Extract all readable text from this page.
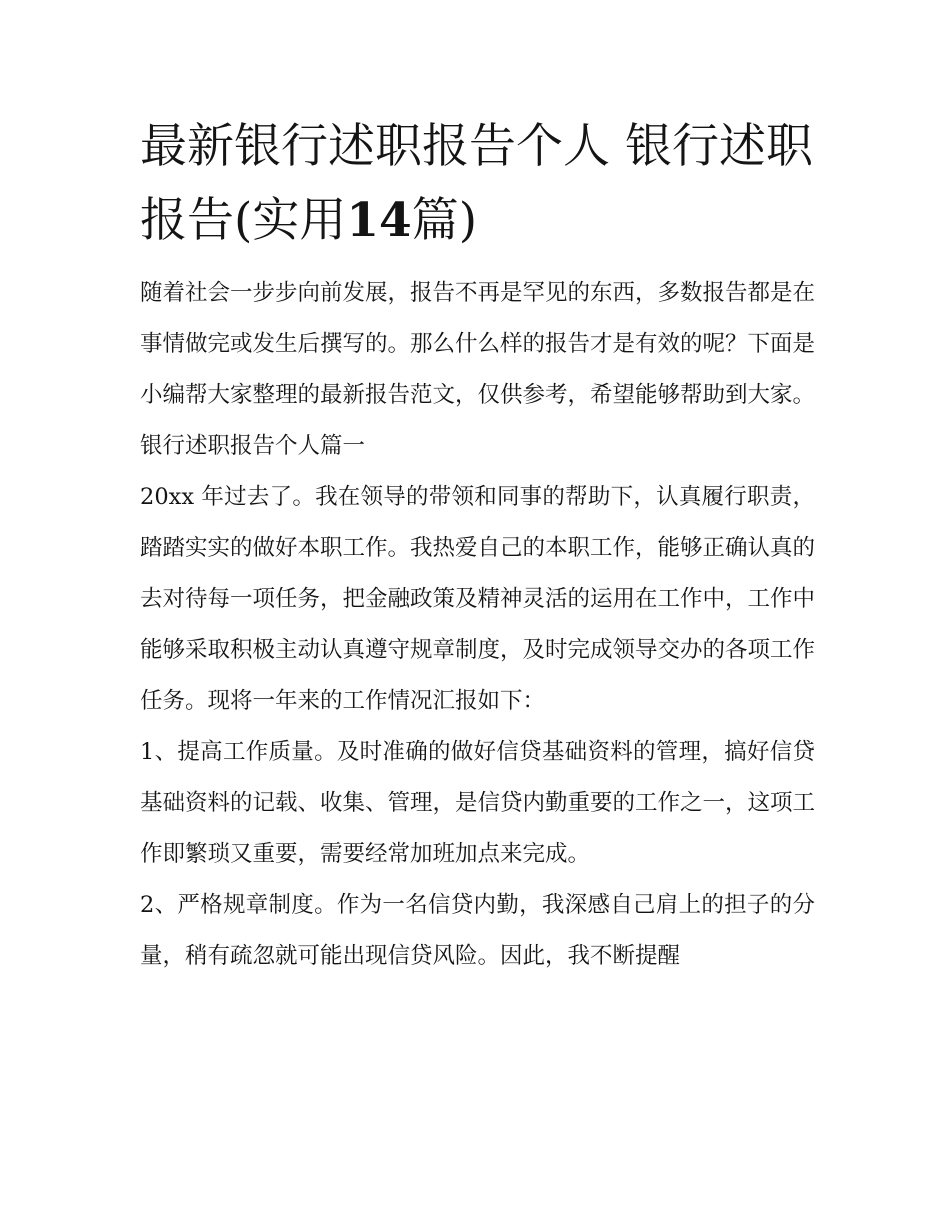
最新银行述职报告个人 银行述职报告(实用14篇)

随着社会一步步向前发展，报告不再是罕见的东西，多数报告都是在事情做完或发生后撰写的。那么什么样的报告才是有效的呢？下面是小编帮大家整理的最新报告范文，仅供参考，希望能够帮助到大家。

银行述职报告个人篇一

20xx 年过去了。我在领导的带领和同事的帮助下，认真履行职责，踏踏实实的做好本职工作。我热爱自己的本职工作，能够正确认真的去对待每一项任务，把金融政策及精神灵活的运用在工作中，工作中能够采取积极主动认真遵守规章制度，及时完成领导交办的各项工作任务。现将一年来的工作情况汇报如下：

1、提高工作质量。及时准确的做好信贷基础资料的管理，搞好信贷基础资料的记载、收集、管理，是信贷内勤重要的工作之一，这项工作即繁琐又重要，需要经常加班加点来完成。

2、严格规章制度。作为一名信贷内勤，我深感自己肩上的担子的分量，稍有疏忽就可能出现信贷风险。因此，我不断提醒
